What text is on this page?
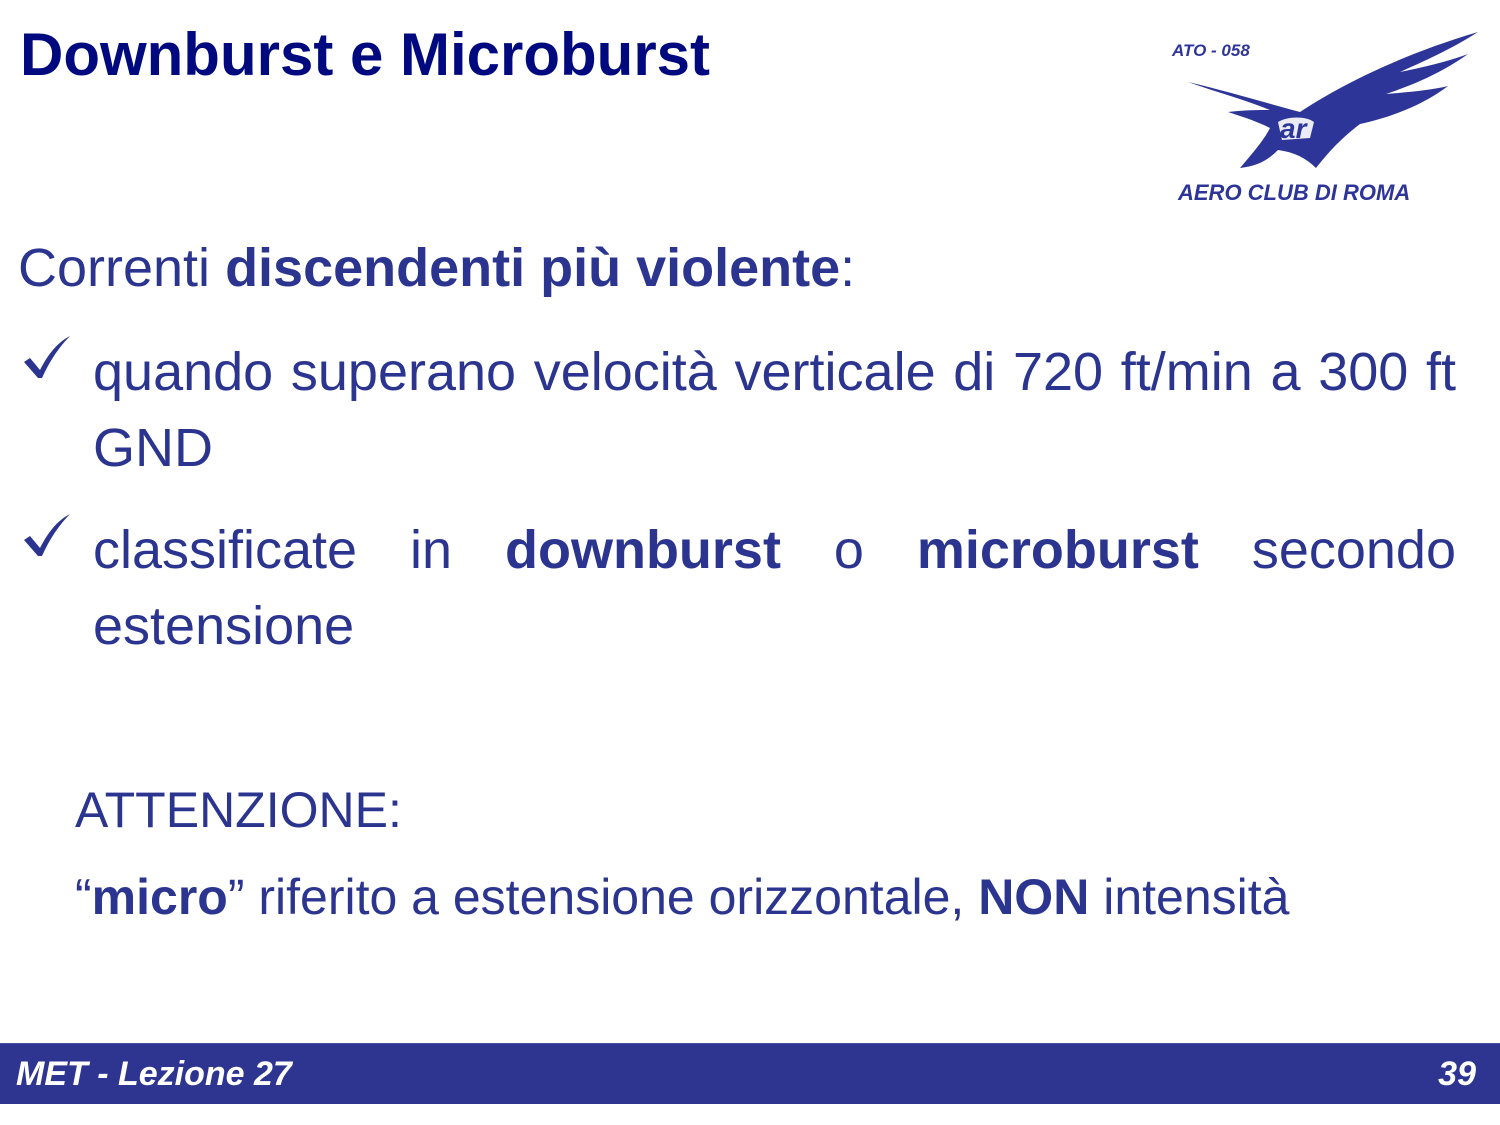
Downburst e Microburst	ATO - 058
ar
AERO CLUB DI ROMA
Correnti discendenti più violente:
quando superano velocità verticale di 720 ft/min a 300 ft GND
classificate in downburst o microburst secondo estensione
ATTENZIONE:
“micro” riferito a estensione orizzontale, NON intensità
MET - Lezione 27	39
